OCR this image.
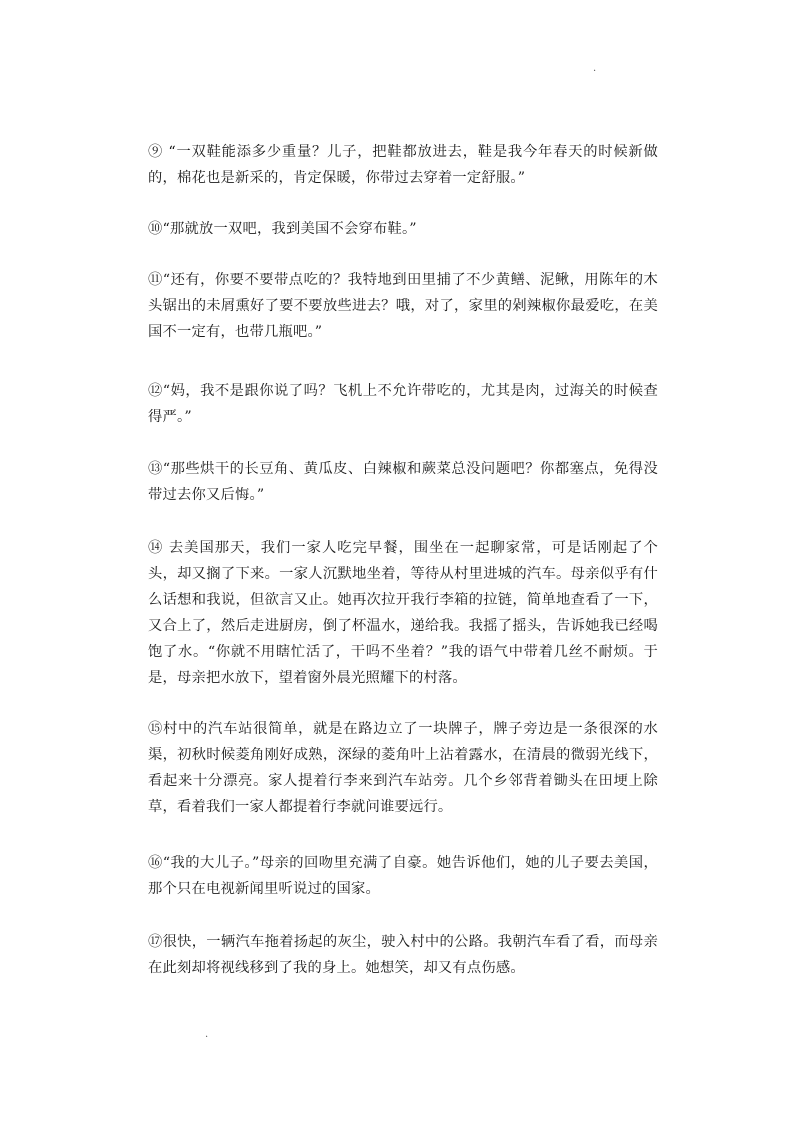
.

⑨ “一双鞋能添多少重量？儿子，把鞋都放进去，鞋是我今年春天的时候新做的，棉花也是新采的，肯定保暖，你带过去穿着一定舒服。”

⑩“那就放一双吧，我到美国不会穿布鞋。”

⑪“还有，你要不要带点吃的？我特地到田里捕了不少黄鳝、泥鳅，用陈年的木头锯出的未屑熏好了要不要放些进去？哦，对了，家里的剁辣椒你最爱吃，在美国不一定有，也带几瓶吧。”

⑫“妈，我不是跟你说了吗？飞机上不允许带吃的，尤其是肉，过海关的时候查得严。”

⑬“那些烘干的长豆角、黄瓜皮、白辣椒和蕨菜总没问题吧？你都塞点，免得没带过去你又后悔。”

⑭ 去美国那天，我们一家人吃完早餐，围坐在一起聊家常，可是话刚起了个头，却又搁了下来。一家人沉默地坐着，等待从村里进城的汽车。母亲似乎有什么话想和我说，但欲言又止。她再次拉开我行李箱的拉链，简单地查看了一下，又合上了，然后走进厨房，倒了杯温水，递给我。我摇了摇头，告诉她我已经喝饱了水。“你就不用瞎忙活了，干吗不坐着？”我的语气中带着几丝不耐烦。于是，母亲把水放下，望着窗外晨光照耀下的村落。

⑮村中的汽车站很简单，就是在路边立了一块牌子，牌子旁边是一条很深的水渠，初秋时候菱角刚好成熟，深绿的菱角叶上沾着露水，在清晨的微弱光线下，看起来十分漂亮。家人提着行李来到汽车站旁。几个乡邻背着锄头在田埂上除草，看着我们一家人都提着行李就问谁要远行。

⑯“我的大儿子。”母亲的回吻里充满了自豪。她告诉他们，她的儿子要去美国，那个只在电视新闻里听说过的国家。

⑰很快，一辆汽车拖着扬起的灰尘，驶入村中的公路。我朝汽车看了看，而母亲在此刻却将视线移到了我的身上。她想笑，却又有点伤感。

.
